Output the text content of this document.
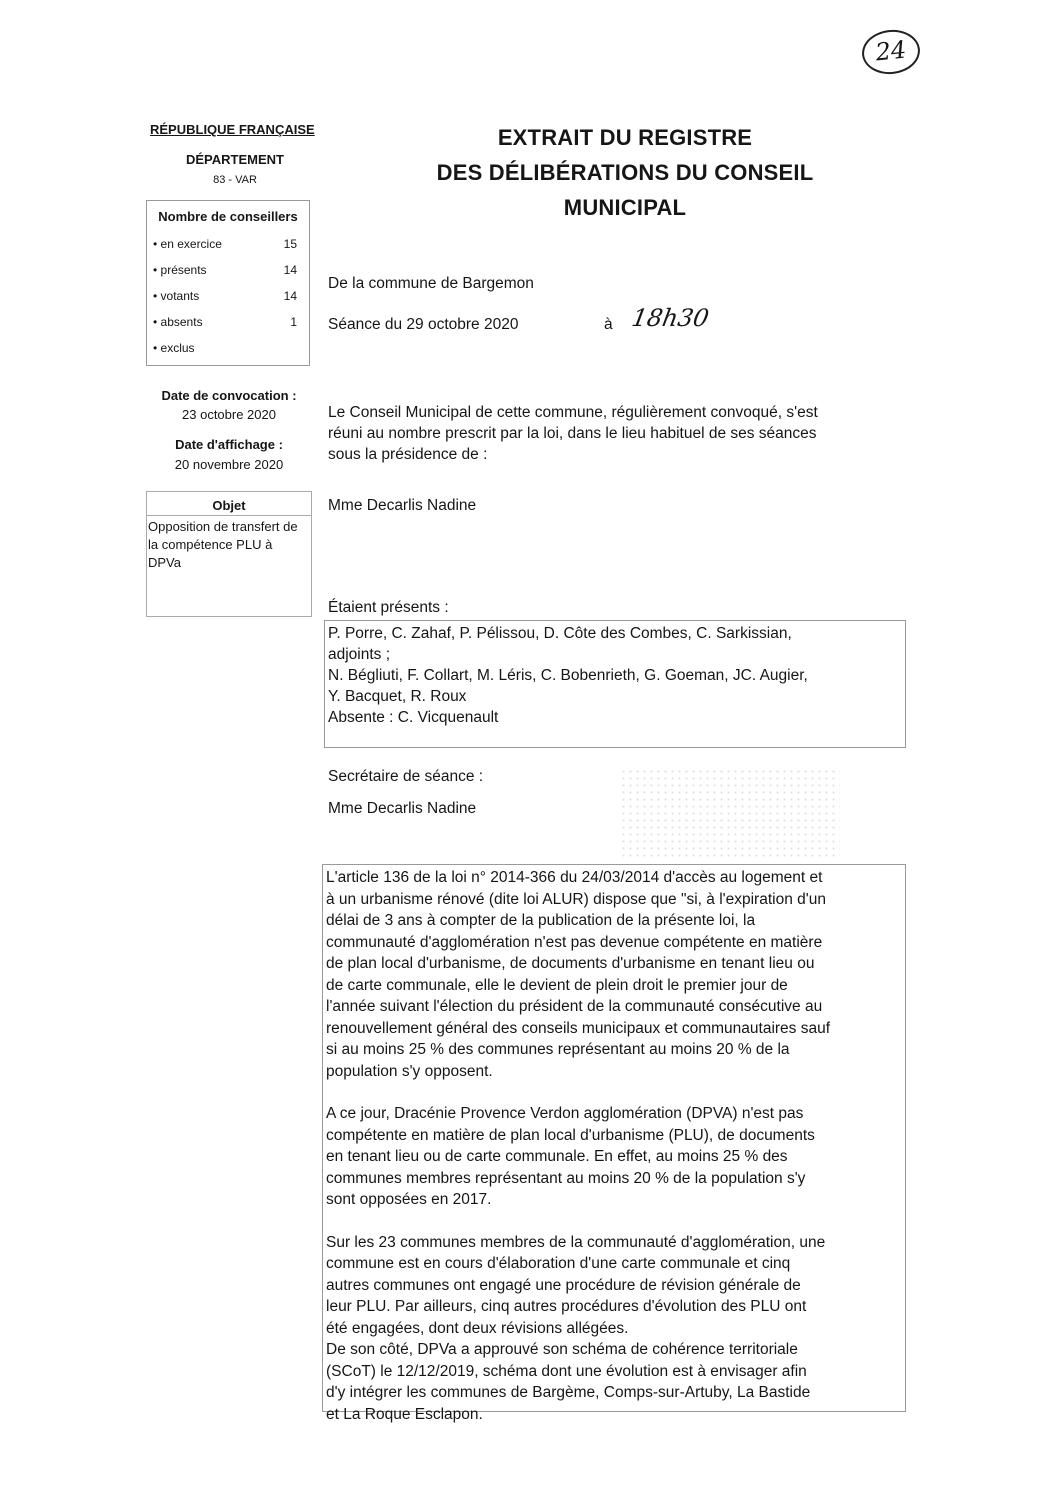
24
RÉPUBLIQUE FRANÇAISE
DÉPARTEMENT
83 - VAR
Nombre de conseillers
• en exercice	15
• présents	14
• votants	14
• absents	1
• exclus
Date de convocation :
23 octobre 2020
Date d'affichage :
20 novembre 2020
Objet
Opposition de transfert de
la compétence PLU à
DPVa
EXTRAIT DU REGISTRE
DES DÉLIBÉRATIONS DU CONSEIL
MUNICIPAL
De la commune de Bargemon
Séance du 29 octobre 2020	à 18h30
Le Conseil Municipal de cette commune, régulièrement convoqué, s'est
réuni au nombre prescrit par la loi, dans le lieu habituel de ses séances
sous la présidence de :
Mme Decarlis Nadine
Étaient présents :
P. Porre, C. Zahaf, P. Pélissou, D. Côte des Combes, C. Sarkissian,
adjoints ;
N. Bégliuti, F. Collart, M. Léris, C. Bobenrieth, G. Goeman, JC. Augier,
Y. Bacquet, R. Roux
Absente : C. Vicquenault
Secrétaire de séance :
Mme Decarlis Nadine

L'article 136 de la loi n° 2014-366 du 24/03/2014 d'accès au logement et
à un urbanisme rénové (dite loi ALUR) dispose que "si, à l'expiration d'un
délai de 3 ans à compter de la publication de la présente loi, la
communauté d'agglomération n'est pas devenue compétente en matière
de plan local d'urbanisme, de documents d'urbanisme en tenant lieu ou
de carte communale, elle le devient de plein droit le premier jour de
l'année suivant l'élection du président de la communauté consécutive au
renouvellement général des conseils municipaux et communautaires sauf
si au moins 25 % des communes représentant au moins 20 % de la
population s'y opposent.

A ce jour, Dracénie Provence Verdon agglomération (DPVA) n'est pas
compétente en matière de plan local d'urbanisme (PLU), de documents
en tenant lieu ou de carte communale. En effet, au moins 25 % des
communes membres représentant au moins 20 % de la population s'y
sont opposées en 2017.

Sur les 23 communes membres de la communauté d'agglomération, une
commune est en cours d'élaboration d'une carte communale et cinq
autres communes ont engagé une procédure de révision générale de
leur PLU. Par ailleurs, cinq autres procédures d'évolution des PLU ont
été engagées, dont deux révisions allégées.
De son côté, DPVa a approuvé son schéma de cohérence territoriale
(SCoT) le 12/12/2019, schéma dont une évolution est à envisager afin
d'y intégrer les communes de Bargème, Comps-sur-Artuby, La Bastide
et La Roque Esclapon.
